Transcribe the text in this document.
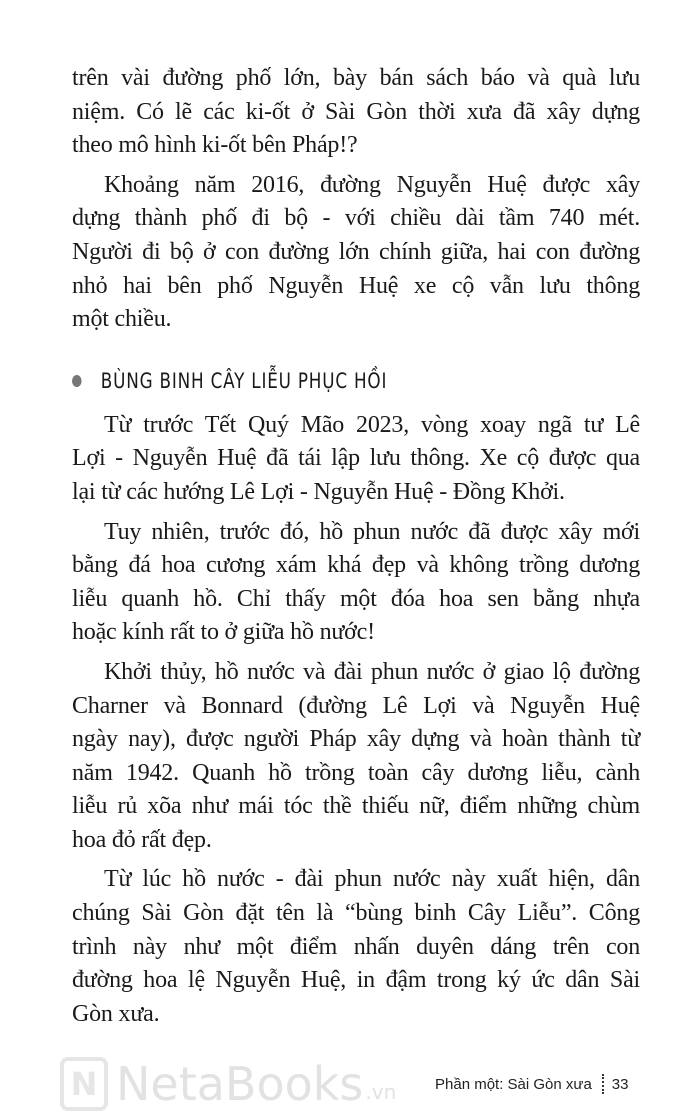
N NetaBooks .vn
trên vài đường phố lớn, bày bán sách báo và quà lưu
niệm. Có lẽ các ki-ốt ở Sài Gòn thời xưa đã xây dựng
theo mô hình ki-ốt bên Pháp!?
Khoảng năm 2016, đường Nguyễn Huệ được xây
dựng thành phố đi bộ - với chiều dài tầm 740 mét.
Người đi bộ ở con đường lớn chính giữa, hai con đường
nhỏ hai bên phố Nguyễn Huệ xe cộ vẫn lưu thông
một chiều.
BÙNG BINH CÂY LIỄU PHỤC HỒI
Từ trước Tết Quý Mão 2023, vòng xoay ngã tư Lê
Lợi - Nguyễn Huệ đã tái lập lưu thông. Xe cộ được qua
lại từ các hướng Lê Lợi - Nguyễn Huệ - Đồng Khởi.
Tuy nhiên, trước đó, hồ phun nước đã được xây mới
bằng đá hoa cương xám khá đẹp và không trồng dương
liễu quanh hồ. Chỉ thấy một đóa hoa sen bằng nhựa
hoặc kính rất to ở giữa hồ nước!
Khởi thủy, hồ nước và đài phun nước ở giao lộ đường
Charner và Bonnard (đường Lê Lợi và Nguyễn Huệ
ngày nay), được người Pháp xây dựng và hoàn thành từ
năm 1942. Quanh hồ trồng toàn cây dương liễu, cành
liễu rủ xõa như mái tóc thề thiếu nữ, điểm những chùm
hoa đỏ rất đẹp.
Từ lúc hồ nước - đài phun nước này xuất hiện, dân
chúng Sài Gòn đặt tên là “bùng binh Cây Liễu”. Công
trình này như một điểm nhấn duyên dáng trên con
đường hoa lệ Nguyễn Huệ, in đậm trong ký ức dân Sài
Gòn xưa.
Phần một: Sài Gòn xưa 33
